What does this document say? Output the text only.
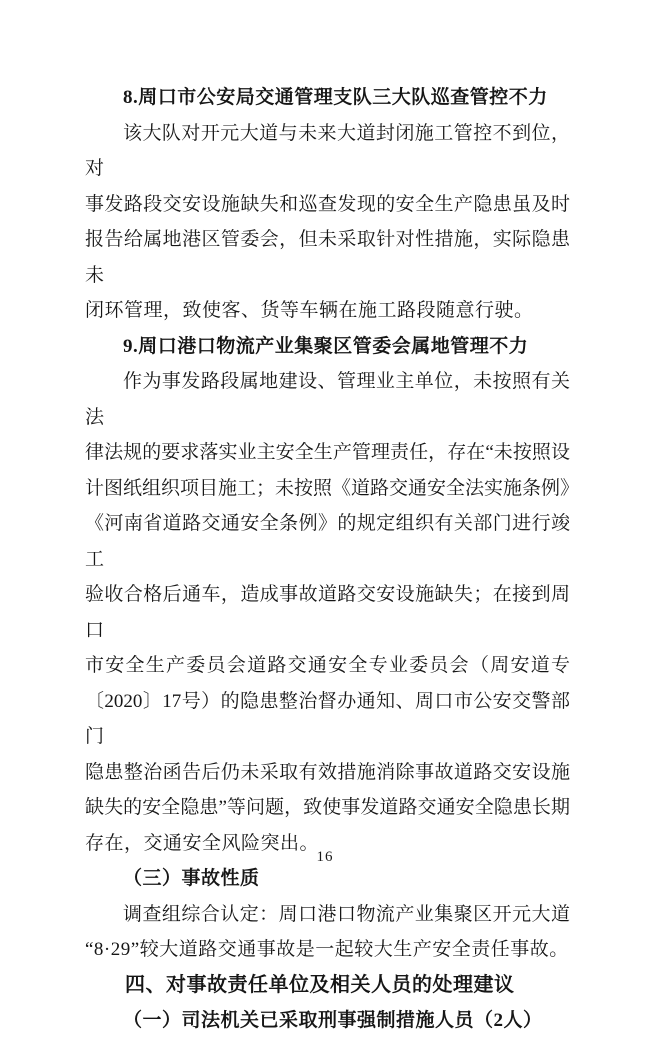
8.周口市公安局交通管理支队三大队巡查管控不力
该大队对开元大道与未来大道封闭施工管控不到位，对
事发路段交安设施缺失和巡查发现的安全生产隐患虽及时
报告给属地港区管委会，但未采取针对性措施，实际隐患未
闭环管理，致使客、货等车辆在施工路段随意行驶。
9.周口港口物流产业集聚区管委会属地管理不力
作为事发路段属地建设、管理业主单位，未按照有关法
律法规的要求落实业主安全生产管理责任，存在“未按照设
计图纸组织项目施工；未按照《道路交通安全法实施条例》
《河南省道路交通安全条例》的规定组织有关部门进行竣工
验收合格后通车，造成事故道路交安设施缺失；在接到周口
市安全生产委员会道路交通安全专业委员会（周安道专
〔2020〕17号）的隐患整治督办通知、周口市公安交警部门
隐患整治函告后仍未采取有效措施消除事故道路交安设施
缺失的安全隐患”等问题，致使事发道路交通安全隐患长期
存在，交通安全风险突出。
（三）事故性质
调查组综合认定：周口港口物流产业集聚区开元大道
“8·29”较大道路交通事故是一起较大生产安全责任事故。
四、对事故责任单位及相关人员的处理建议
（一）司法机关已采取刑事强制措施人员（2人）
16
